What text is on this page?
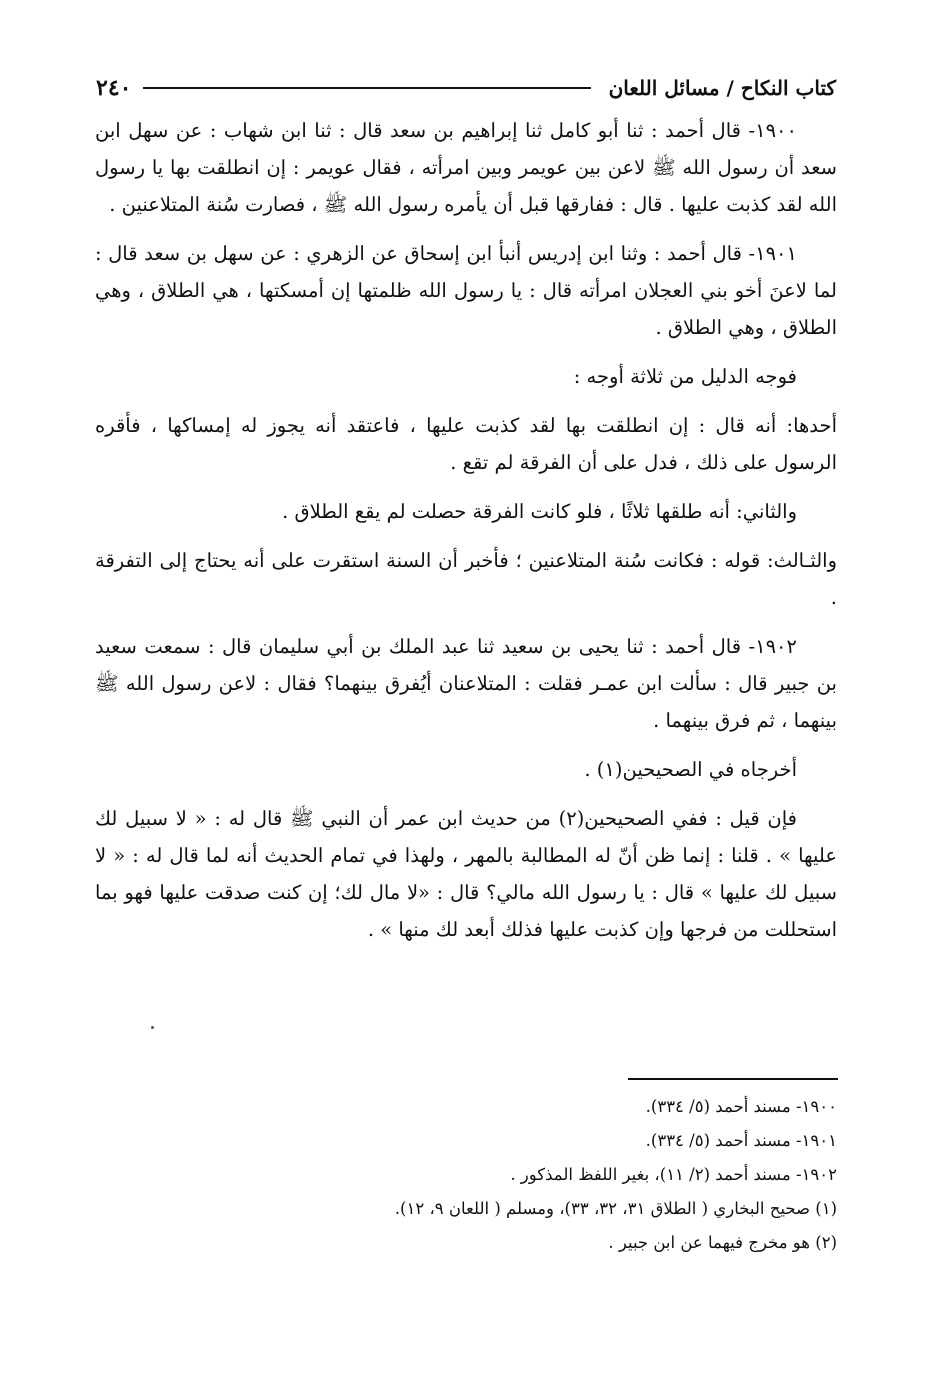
كتاب النكاح / مسائل اللعان
٢٤٠

١٩٠٠- قال أحمد : ثنا أبو كامل ثنا إبراهيم بن سعد قال : ثنا ابن شهاب : عن سهل ابن سعد أن رسول الله ﷺ لاعن بين عويمر وبين امرأته ، فقال عويمر : إن انطلقت بها يا رسول الله لقد كذبت عليها . قال : ففارقها قبل أن يأمره رسول الله ﷺ ، فصارت سُنة المتلاعنين .

١٩٠١- قال أحمد : وثنا ابن إدريس أنبأ ابن إسحاق عن الزهري : عن سهل بن سعد قال : لما لاعنَ أخو بني العجلان امرأته قال : يا رسول الله ظلمتها إن أمسكتها ، هي الطلاق ، وهي الطلاق ، وهي الطلاق .

فوجه الدليل من ثلاثة أوجه :

أحدها: أنه قال : إن انطلقت بها لقد كذبت عليها ، فاعتقد أنه يجوز له إمساكها ، فأقره الرسول على ذلك ، فدل على أن الفرقة لم تقع .

والثاني: أنه طلقها ثلاثًا ، فلو كانت الفرقة حصلت لم يقع الطلاق .

والثـالث: قوله : فكانت سُنة المتلاعنين ؛ فأخبر أن السنة استقرت على أنه يحتاج إلى التفرقة .

١٩٠٢- قال أحمد : ثنا يحيى بن سعيد ثنا عبد الملك بن أبي سليمان قال : سمعت سعيد بن جبير قال : سألت ابن عمـر فقلت : المتلاعنان أيُفرق بينهما؟ فقال : لاعن رسول الله ﷺ بينهما ، ثم فرق بينهما .

أخرجاه في الصحيحين(١) .

فإن قيل : ففي الصحيحين(٢) من حديث ابن عمر أن النبي ﷺ قال له : « لا سبيل لك عليها » . قلنا : إنما ظن أنّ له المطالبة بالمهر ، ولهذا في تمام الحديث أنه لما قال له : « لا سبيل لك عليها » قال : يا رسول الله مالي؟ قال : «لا مال لك؛ إن كنت صدقت عليها فهو بما استحللت من فرجها وإن كذبت عليها فذلك أبعد لك منها » .

١٩٠٠- مسند أحمد (٥/ ٣٣٤).
١٩٠١- مسند أحمد (٥/ ٣٣٤).
١٩٠٢- مسند أحمد (٢/ ١١)، بغير اللفظ المذكور .
(١) صحيح البخاري ( الطلاق ٣١، ٣٢، ٣٣)، ومسلم ( اللعان ٩، ١٢).
(٢) هو مخرج فيهما عن ابن جبير .
